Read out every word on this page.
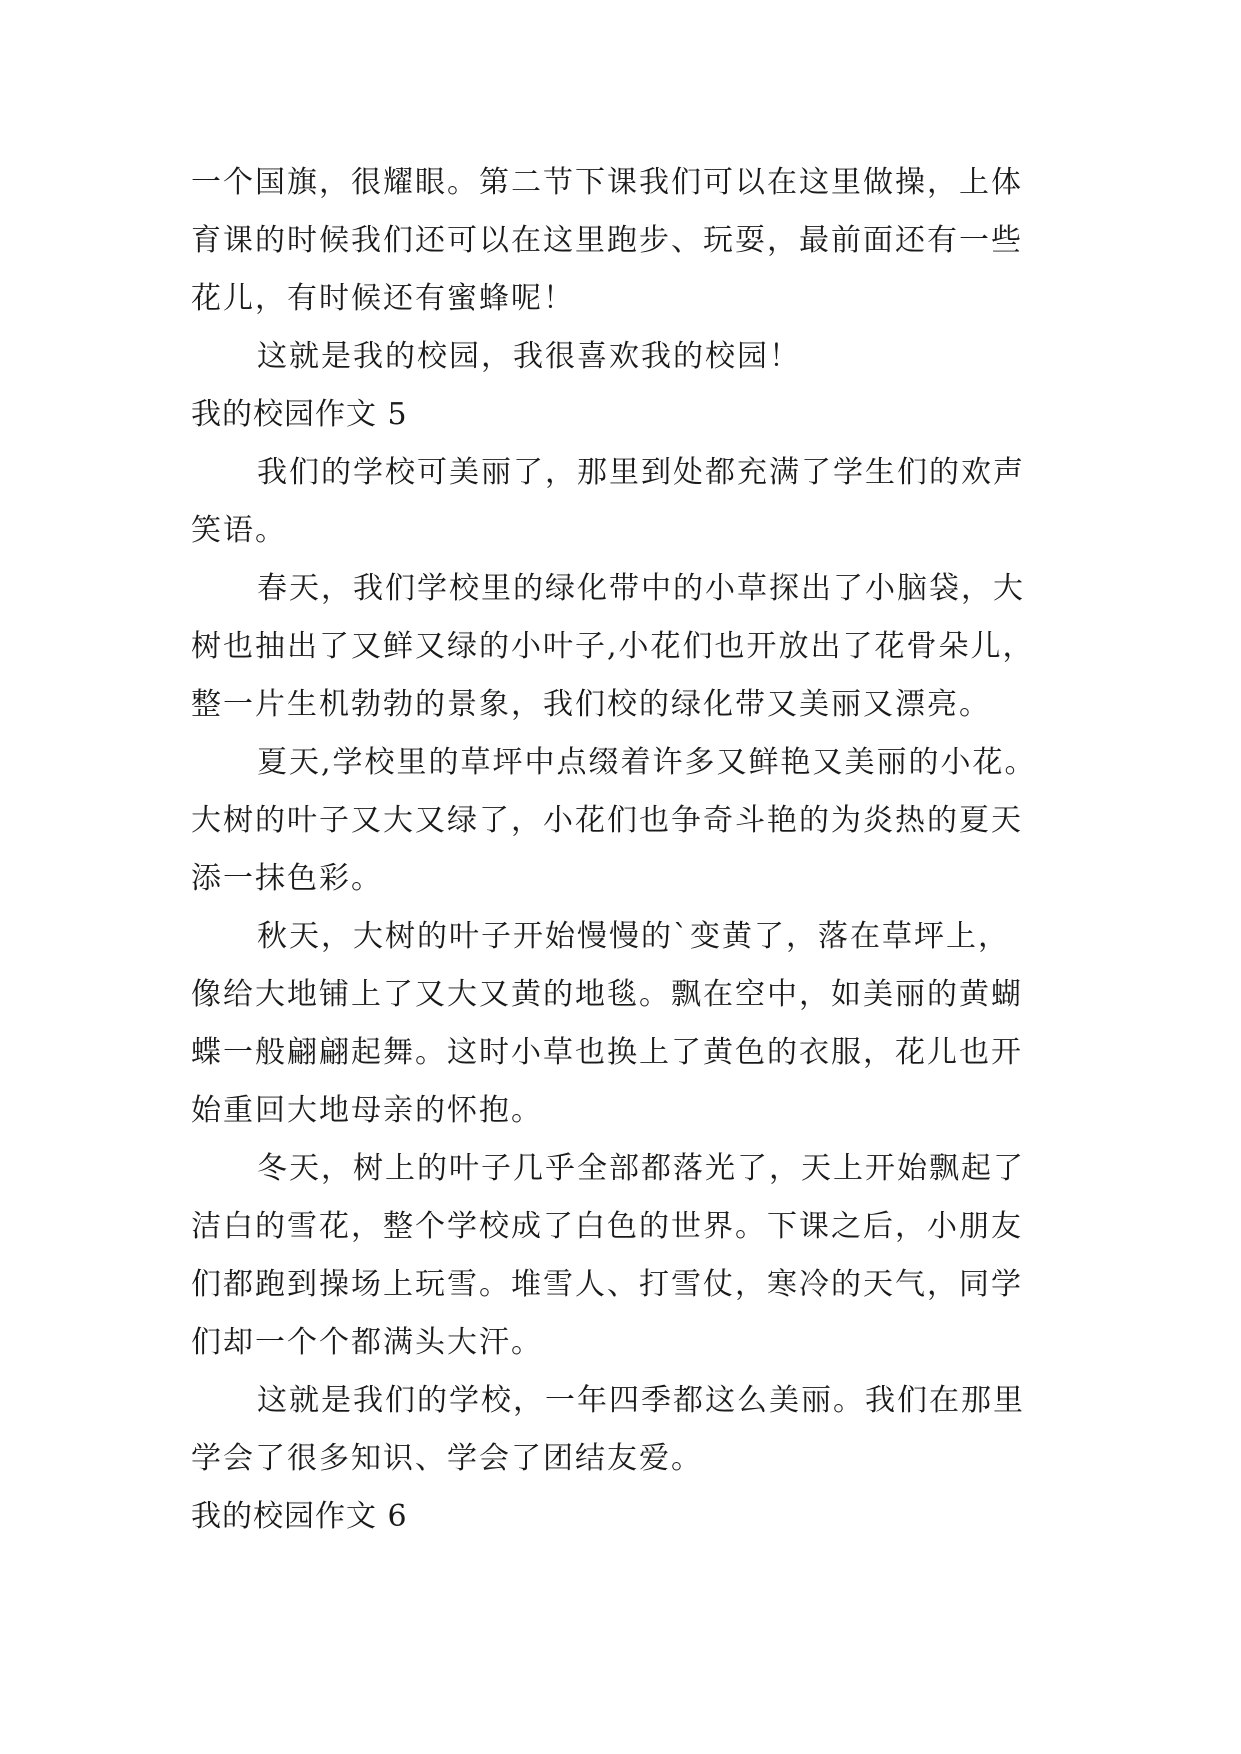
一个国旗，很耀眼。第二节下课我们可以在这里做操，上体
育课的时候我们还可以在这里跑步、玩耍，最前面还有一些
花儿，有时候还有蜜蜂呢！
这就是我的校园，我很喜欢我的校园！
我的校园作文 5
我们的学校可美丽了，那里到处都充满了学生们的欢声
笑语。
春天，我们学校里的绿化带中的小草探出了小脑袋，大
树也抽出了又鲜又绿的小叶子,小花们也开放出了花骨朵儿，
整一片生机勃勃的景象，我们校的绿化带又美丽又漂亮。
夏天,学校里的草坪中点缀着许多又鲜艳又美丽的小花。
大树的叶子又大又绿了，小花们也争奇斗艳的为炎热的夏天
添一抹色彩。
秋天，大树的叶子开始慢慢的`变黄了，落在草坪上，
像给大地铺上了又大又黄的地毯。飘在空中，如美丽的黄蝴
蝶一般翩翩起舞。这时小草也换上了黄色的衣服，花儿也开
始重回大地母亲的怀抱。
冬天，树上的叶子几乎全部都落光了，天上开始飘起了
洁白的雪花，整个学校成了白色的世界。下课之后，小朋友
们都跑到操场上玩雪。堆雪人、打雪仗，寒冷的天气，同学
们却一个个都满头大汗。
这就是我们的学校，一年四季都这么美丽。我们在那里
学会了很多知识、学会了团结友爱。
我的校园作文 6
